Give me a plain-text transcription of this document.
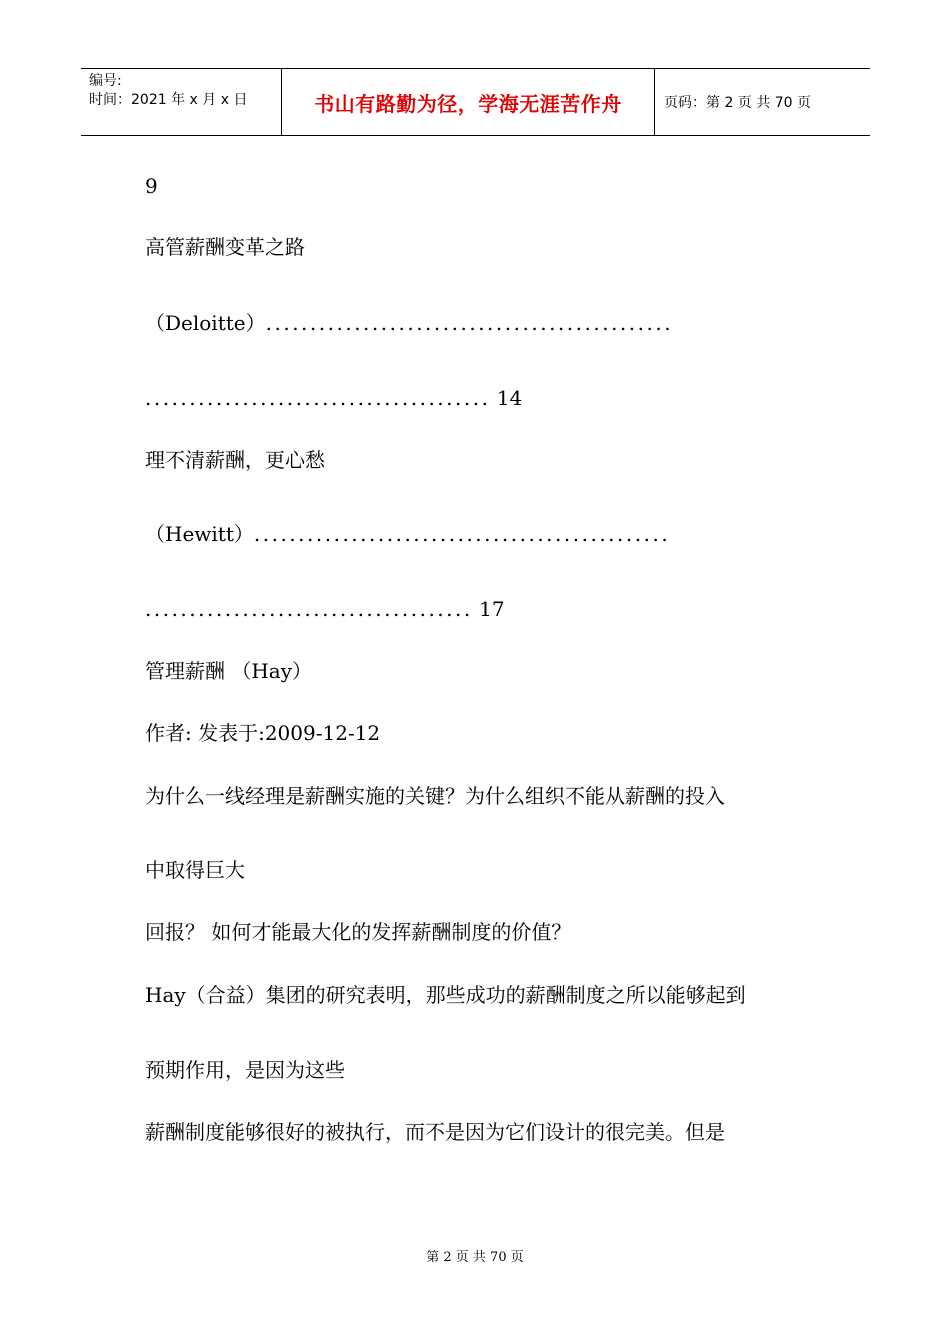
编号:
时间：2021 年 x 月 x 日	书山有路勤为径，学海无涯苦作舟	页码：第 2 页 共 70 页
9
高管薪酬变革之路
（Deloitte）..............................................
....................................... 14
理不清薪酬，更心愁
（Hewitt）...............................................
..................................... 17
管理薪酬 （Hay）
作者: 发表于:2009-12-12
为什么一线经理是薪酬实施的关键？为什么组织不能从薪酬的投入
中取得巨大
回报？ 如何才能最大化的发挥薪酬制度的价值？
Hay（合益）集团的研究表明，那些成功的薪酬制度之所以能够起到
预期作用，是因为这些
薪酬制度能够很好的被执行，而不是因为它们设计的很完美。但是
第 2 页 共 70 页
